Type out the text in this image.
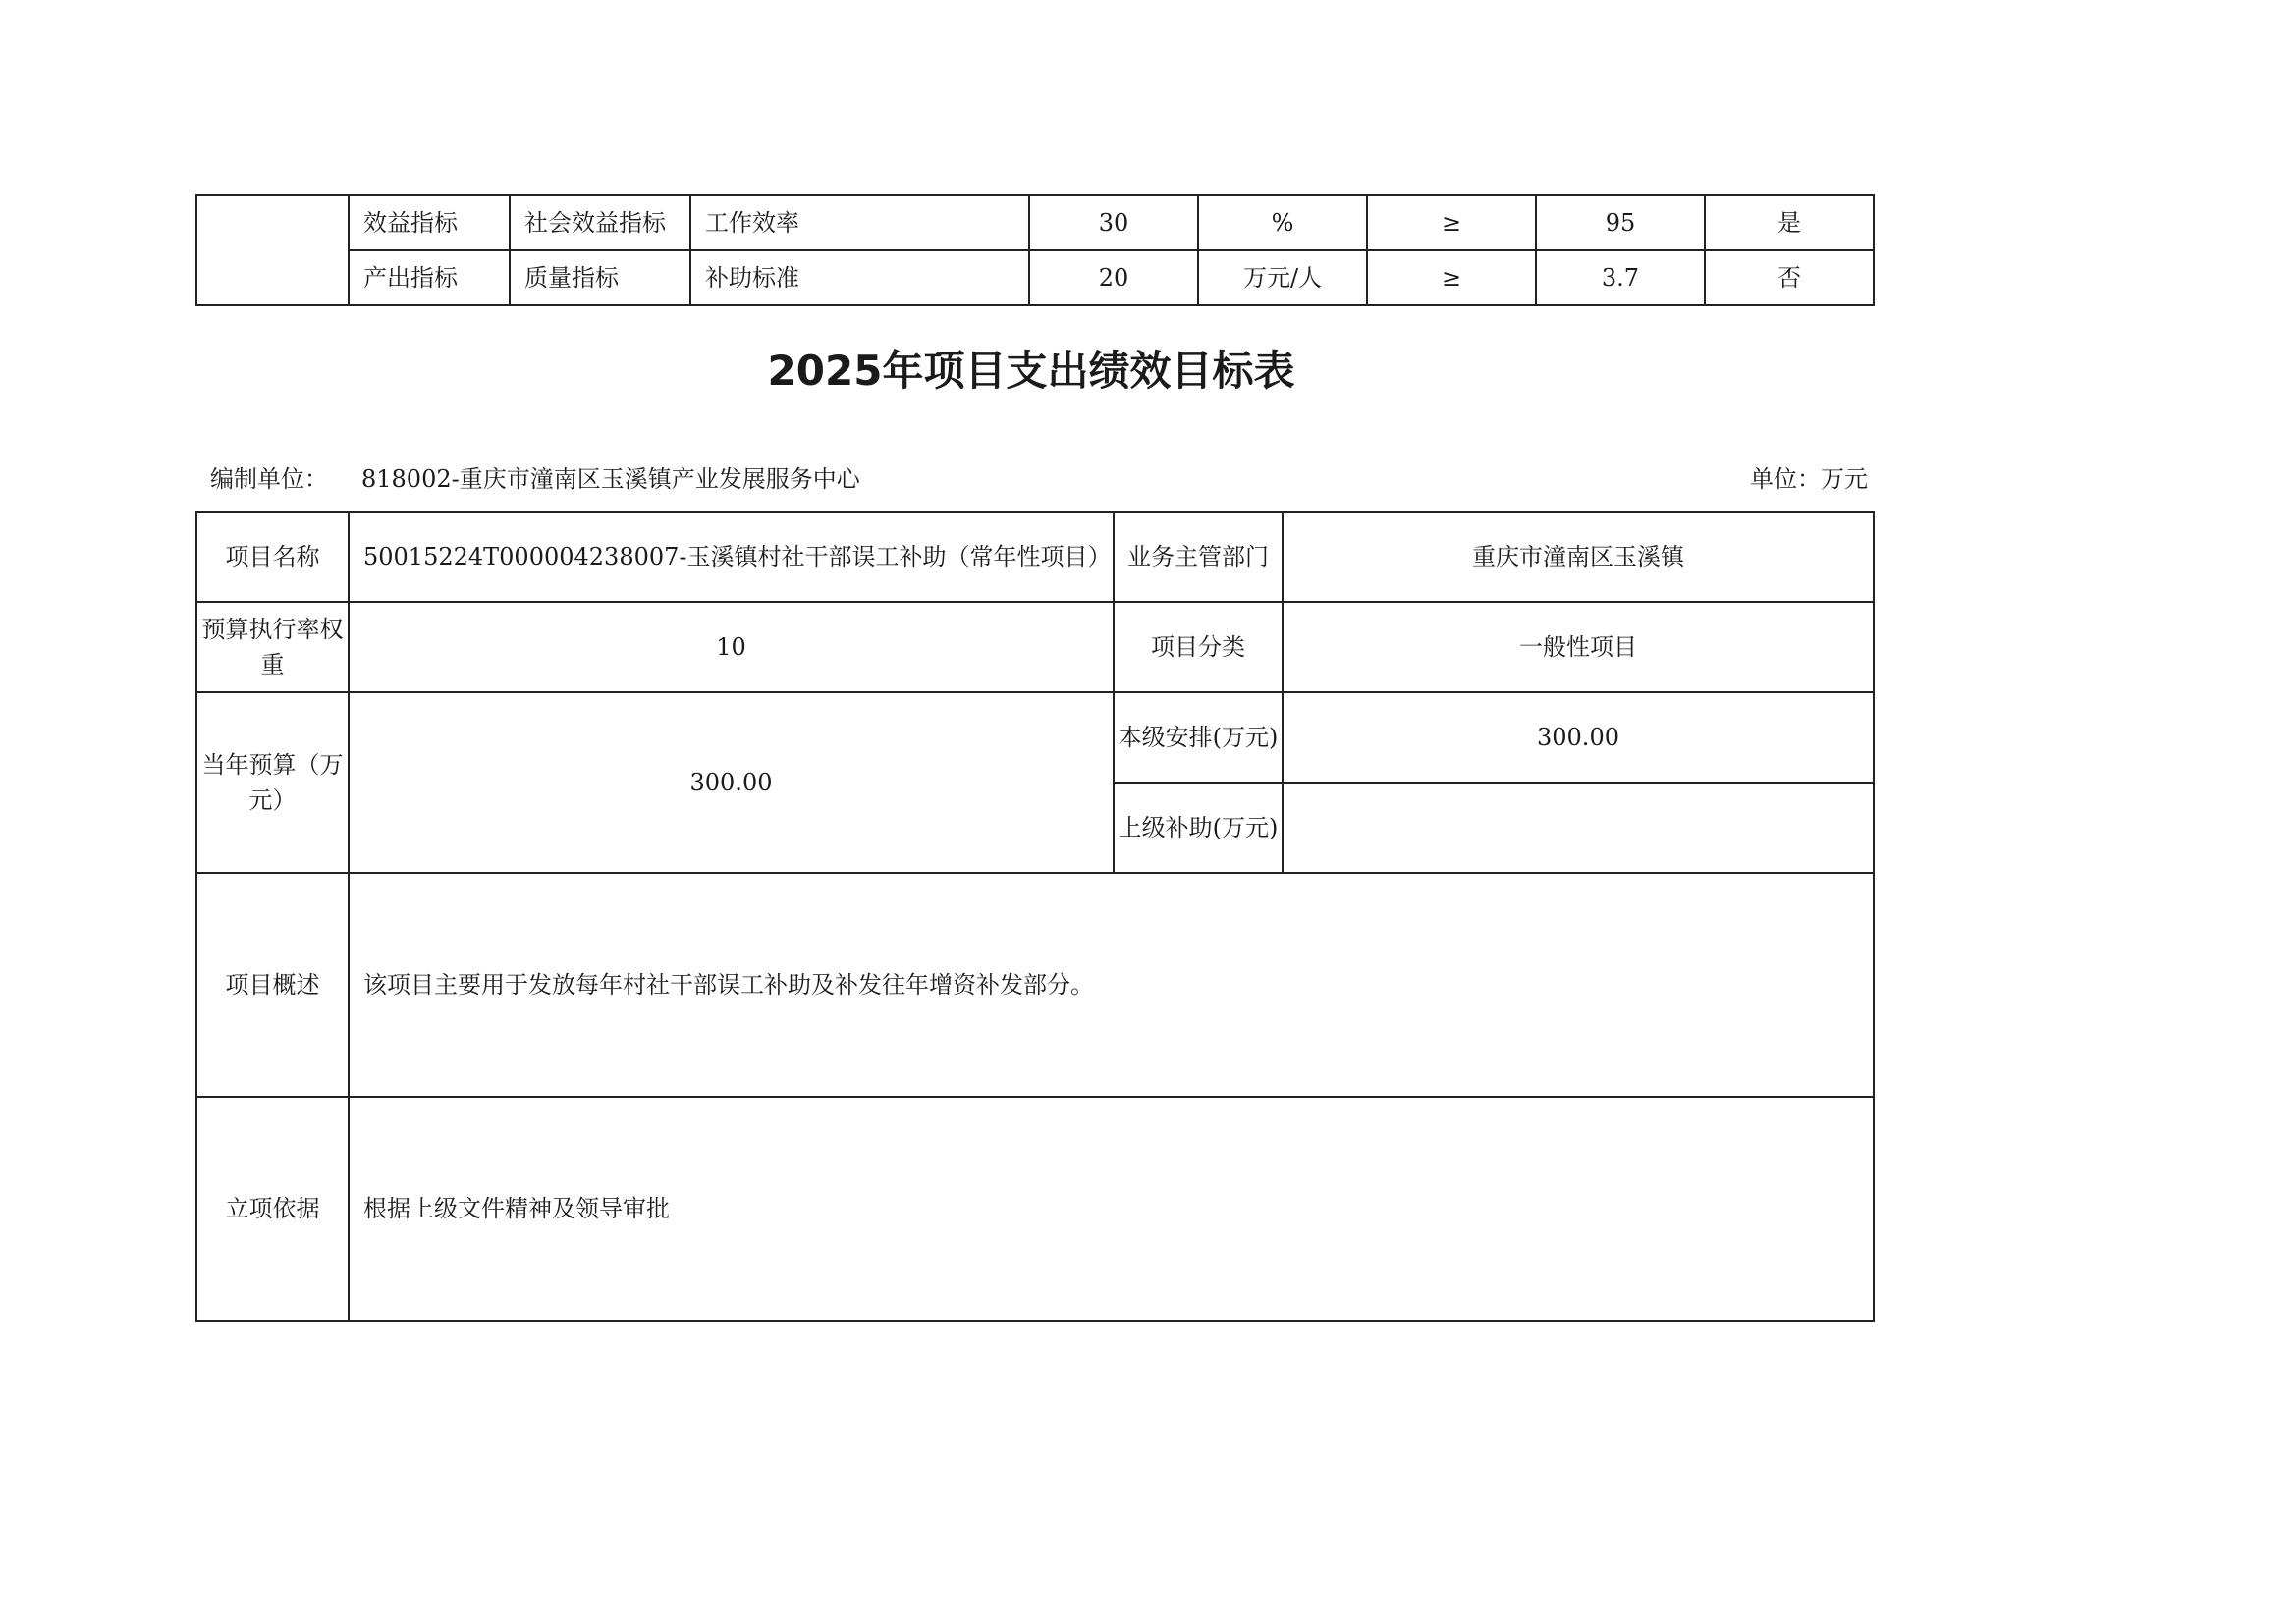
	效益指标	社会效益指标	工作效率	30	%	≥	95	是
	产出指标	质量指标	补助标准	20	万元/人	≥	3.7	否
2025年项目支出绩效目标表
编制单位： 818002-重庆市潼南区玉溪镇产业发展服务中心	单位：万元
项目名称	50015224T000004238007-玉溪镇村社干部误工补助（常年性项目）	业务主管部门	重庆市潼南区玉溪镇
预算执行率权重	10	项目分类	一般性项目
当年预算（万元）	300.00	本级安排(万元)	300.00
		上级补助(万元)	
项目概述	该项目主要用于发放每年村社干部误工补助及补发往年增资补发部分。		
立项依据	根据上级文件精神及领导审批		
